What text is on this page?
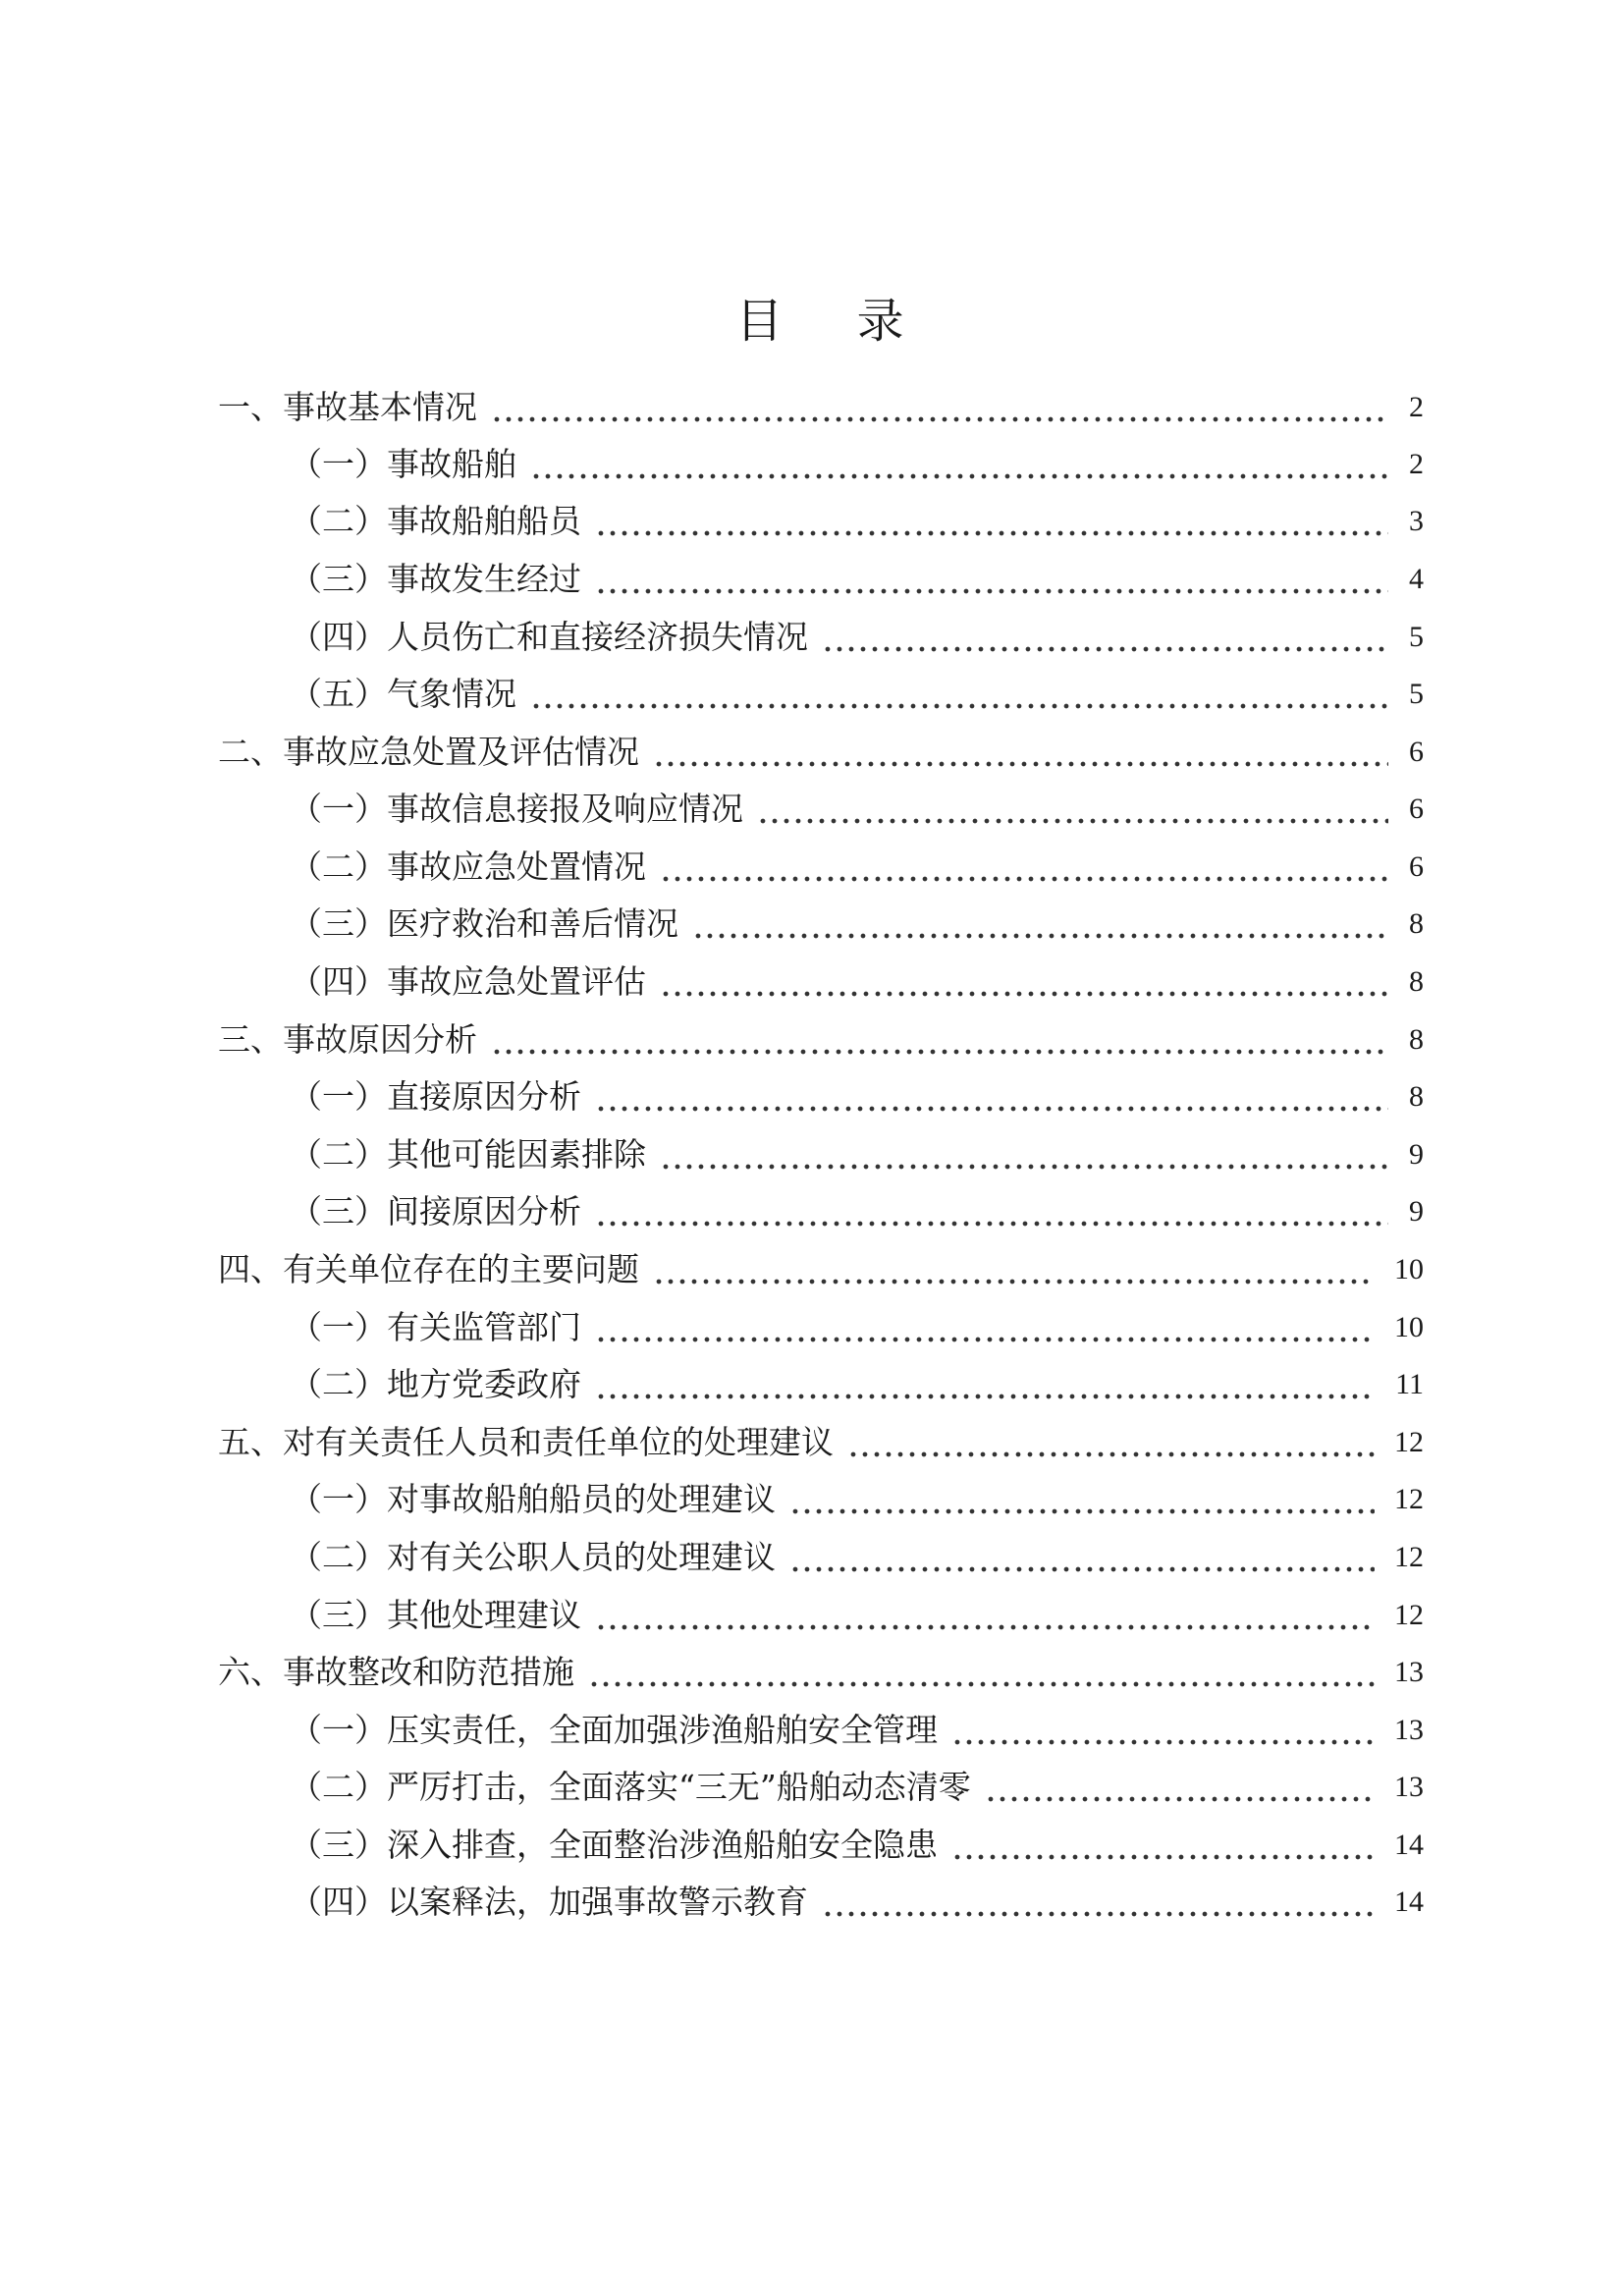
目 录
一、事故基本情况	2
（一）事故船舶	2
（二）事故船舶船员	3
（三）事故发生经过	4
（四）人员伤亡和直接经济损失情况	5
（五）气象情况	5
二、事故应急处置及评估情况	6
（一）事故信息接报及响应情况	6
（二）事故应急处置情况	6
（三）医疗救治和善后情况	8
（四）事故应急处置评估	8
三、事故原因分析	8
（一）直接原因分析	8
（二）其他可能因素排除	9
（三）间接原因分析	9
四、有关单位存在的主要问题	10
（一）有关监管部门	10
（二）地方党委政府	11
五、对有关责任人员和责任单位的处理建议	12
（一）对事故船舶船员的处理建议	12
（二）对有关公职人员的处理建议	12
（三）其他处理建议	12
六、事故整改和防范措施	13
（一）压实责任，全面加强涉渔船舶安全管理	13
（二）严厉打击，全面落实“三无”船舶动态清零	13
（三）深入排查，全面整治涉渔船舶安全隐患	14
（四）以案释法，加强事故警示教育	14
